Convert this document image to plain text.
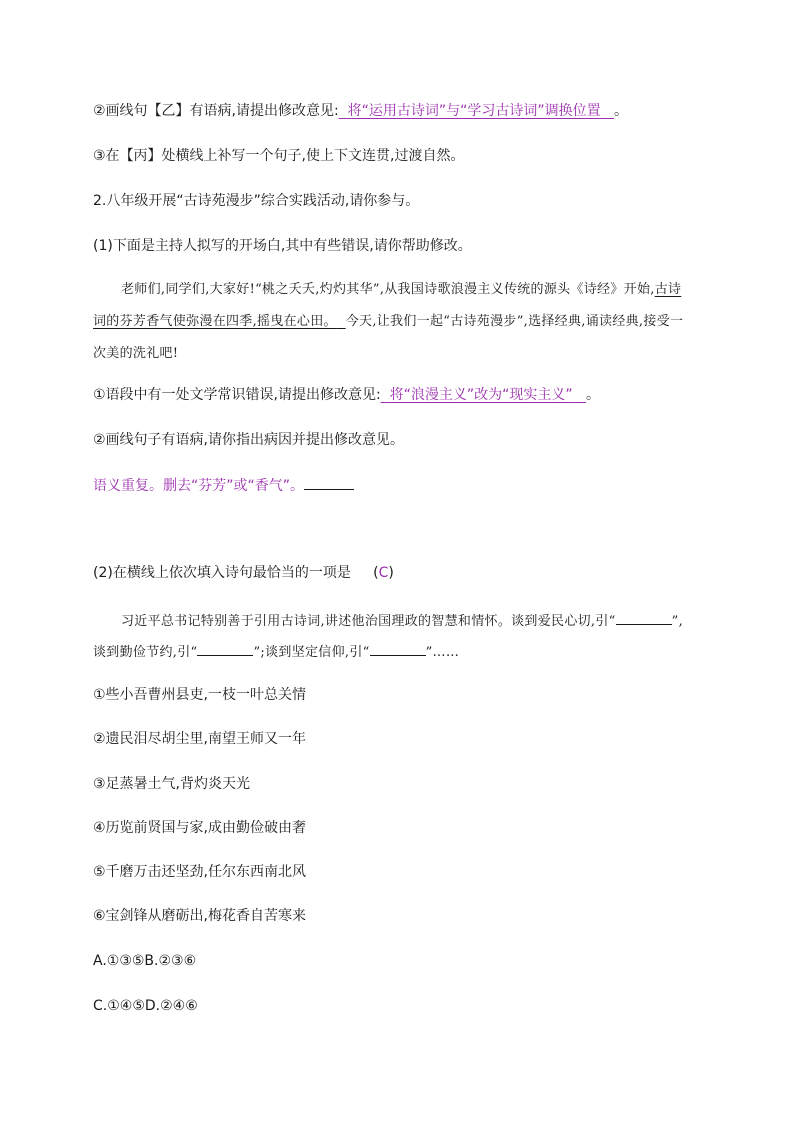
②画线句【乙】有语病,请提出修改意见: 将“运用古诗词”与“学习古诗词”调换位置 。
③在【丙】处横线上补写一个句子,使上下文连贯,过渡自然。
2.八年级开展“古诗苑漫步”综合实践活动,请你参与。
(1)下面是主持人拟写的开场白,其中有些错误,请你帮助修改。
老师们,同学们,大家好!“桃之夭夭,灼灼其华”,从我国诗歌浪漫主义传统的源头《诗经》开始,古诗
词的芬芳香气使弥漫在四季,摇曳在心田。 今天,让我们一起“古诗苑漫步”,选择经典,诵读经典,接受一
次美的洗礼吧!
①语段中有一处文学常识错误,请提出修改意见: 将“浪漫主义”改为“现实主义” 。
②画线句子有语病,请你指出病因并提出修改意见。
语义重复。删去“芬芳”或“香气”。
(2)在横线上依次填入诗句最恰当的一项是 (C)
习近平总书记特别善于引用古诗词,讲述他治国理政的智慧和情怀。谈到爱民心切,引“	”,
谈到勤俭节约,引“	”;谈到坚定信仰,引“	”……
①些小吾曹州县吏,一枝一叶总关情
②遗民泪尽胡尘里,南望王师又一年
③足蒸暑土气,背灼炎天光
④历览前贤国与家,成由勤俭破由奢
⑤千磨万击还坚劲,任尔东西南北风
⑥宝剑锋从磨砺出,梅花香自苦寒来
A.①③⑤B.②③⑥
C.①④⑤D.②④⑥
